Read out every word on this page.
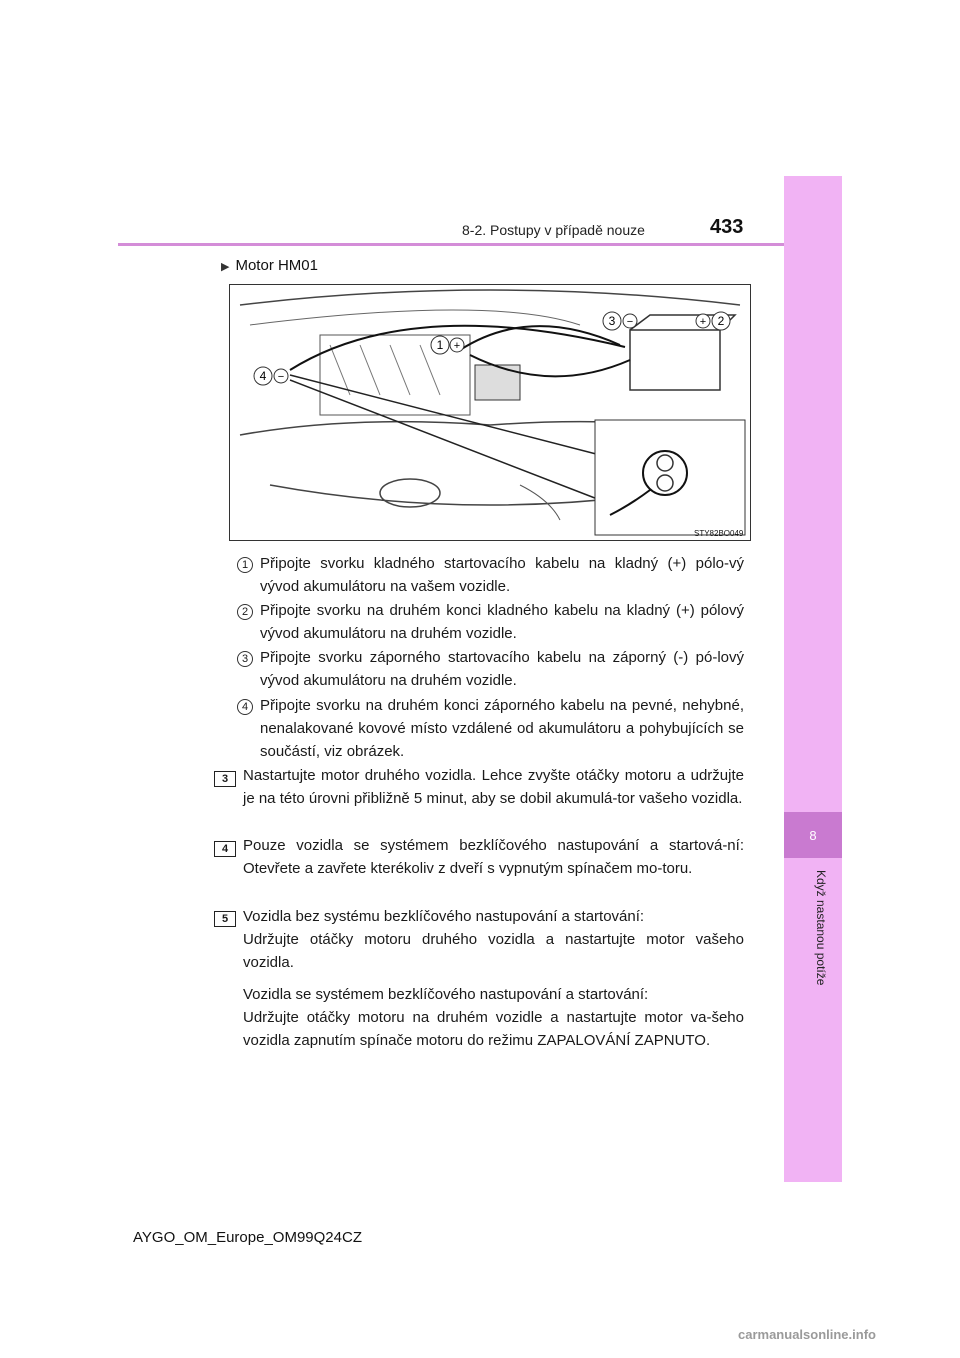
8
Když nastanou potíže
8-2. Postupy v případě nouze	433
▶ Motor HM01
1 +
3 −	+ 2
4 −
STY82BO049
1 Připojte svorku kladného startovacího kabelu na kladný (+) pólo-vý vývod akumulátoru na vašem vozidle.
2 Připojte svorku na druhém konci kladného kabelu na kladný (+) pólový vývod akumulátoru na druhém vozidle.
3 Připojte svorku záporného startovacího kabelu na záporný (-) pó-lový vývod akumulátoru na druhém vozidle.
4 Připojte svorku na druhém konci záporného kabelu na pevné, nehybné, nenalakované kovové místo vzdálené od akumulátoru a pohybujících se součástí, viz obrázek.
3 Nastartujte motor druhého vozidla. Lehce zvyšte otáčky motoru a udržujte je na této úrovni přibližně 5 minut, aby se dobil akumulá-tor vašeho vozidla.
4 Pouze vozidla se systémem bezklíčového nastupování a startová-ní: Otevřete a zavřete kterékoliv z dveří s vypnutým spínačem mo-toru.
5 Vozidla bez systému bezklíčového nastupování a startování:
Udržujte otáčky motoru druhého vozidla a nastartujte motor vašeho vozidla.
Vozidla se systémem bezklíčového nastupování a startování:
Udržujte otáčky motoru na druhém vozidle a nastartujte motor va-šeho vozidla zapnutím spínače motoru do režimu ZAPALOVÁNÍ ZAPNUTO.
AYGO_OM_Europe_OM99Q24CZ
carmanualsonline.info
